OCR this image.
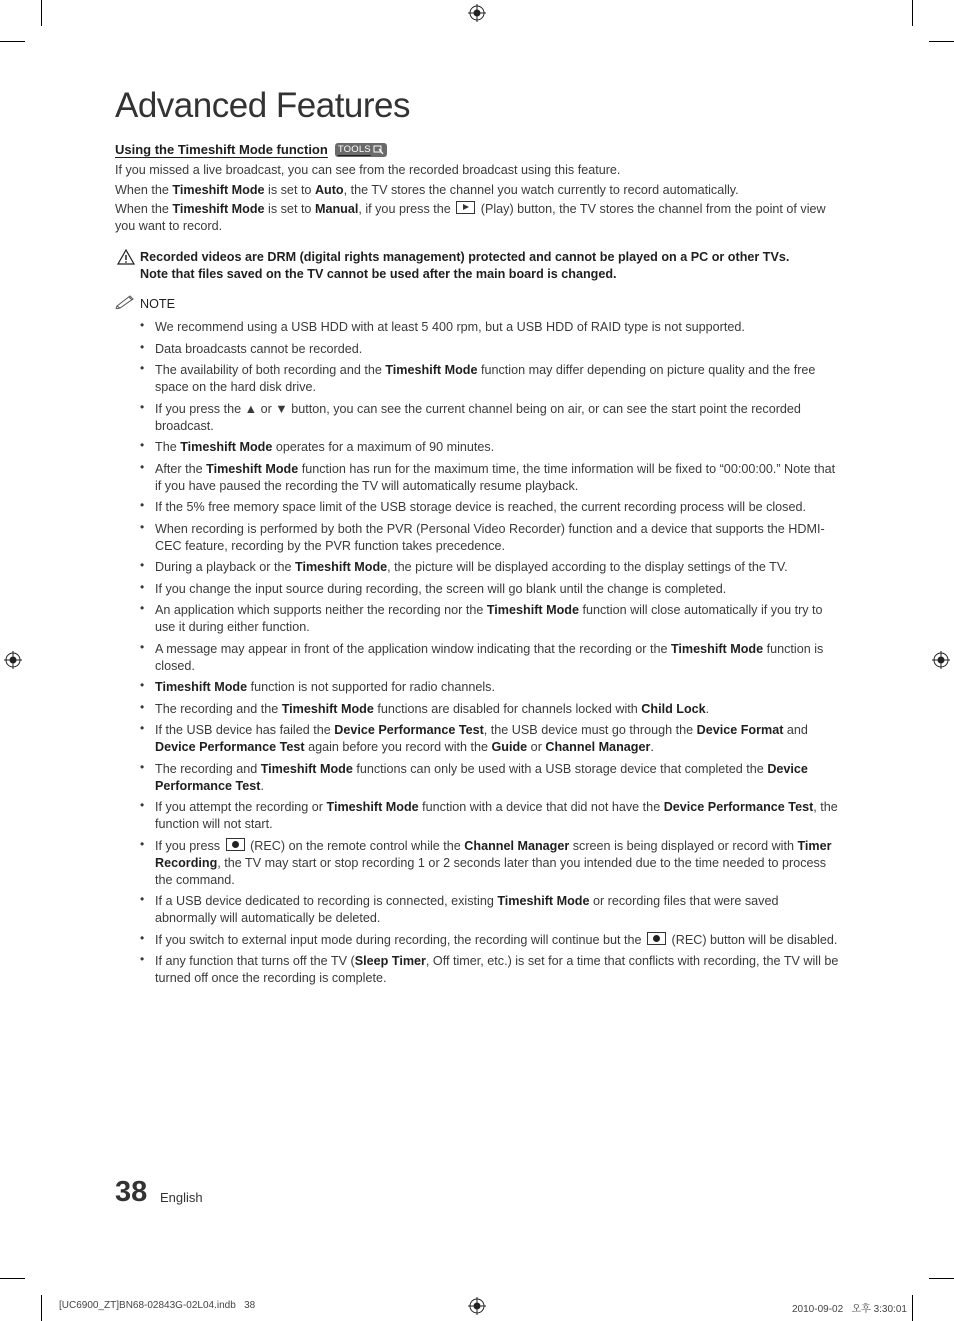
Advanced Features
Using the Timeshift Mode function TOOLS

If you missed a live broadcast, you can see from the recorded broadcast using this feature.

When the Timeshift Mode is set to Auto, the TV stores the channel you watch currently to record automatically.

When the Timeshift Mode is set to Manual, if you press the  (Play) button, the TV stores the channel from the point of view you want to record.

Recorded videos are DRM (digital rights management) protected and cannot be played on a PC or other TVs.
Note that files saved on the TV cannot be used after the main board is changed.
NOTE
• We recommend using a USB HDD with at least 5 400 rpm, but a USB HDD of RAID type is not supported.
• Data broadcasts cannot be recorded.
• The availability of both recording and the Timeshift Mode function may differ depending on picture quality and the free space on the hard disk drive.
• If you press the ▲ or ▼ button, you can see the current channel being on air, or can see the start point the recorded broadcast.
• The Timeshift Mode operates for a maximum of 90 minutes.
• After the Timeshift Mode function has run for the maximum time, the time information will be fixed to “00:00:00.” Note that if you have paused the recording the TV will automatically resume playback.
• If the 5% free memory space limit of the USB storage device is reached, the current recording process will be closed.
• When recording is performed by both the PVR (Personal Video Recorder) function and a device that supports the HDMI-CEC feature, recording by the PVR function takes precedence.
• During a playback or the Timeshift Mode, the picture will be displayed according to the display settings of the TV.
• If you change the input source during recording, the screen will go blank until the change is completed.
• An application which supports neither the recording nor the Timeshift Mode function will close automatically if you try to use it during either function.
• A message may appear in front of the application window indicating that the recording or the Timeshift Mode function is closed.
• Timeshift Mode function is not supported for radio channels.
• The recording and the Timeshift Mode functions are disabled for channels locked with Child Lock.
• If the USB device has failed the Device Performance Test, the USB device must go through the Device Format and Device Performance Test again before you record with the Guide or Channel Manager.
• The recording and Timeshift Mode functions can only be used with a USB storage device that completed the Device Performance Test.
• If you attempt the recording or Timeshift Mode function with a device that did not have the Device Performance Test, the function will not start.
• If you press  (REC) on the remote control while the Channel Manager screen is being displayed or record with Timer Recording, the TV may start or stop recording 1 or 2 seconds later than you intended due to the time needed to process the command.
• If a USB device dedicated to recording is connected, existing Timeshift Mode or recording files that were saved abnormally will automatically be deleted.
• If you switch to external input mode during recording, the recording will continue but the  (REC) button will be disabled.
• If any function that turns off the TV (Sleep Timer, Off timer, etc.) is set for a time that conflicts with recording, the TV will be turned off once the recording is complete.
38 English
[UC6900_ZT]BN68-02843G-02L04.indb   38	2010-09-02   오후 3:30:01
